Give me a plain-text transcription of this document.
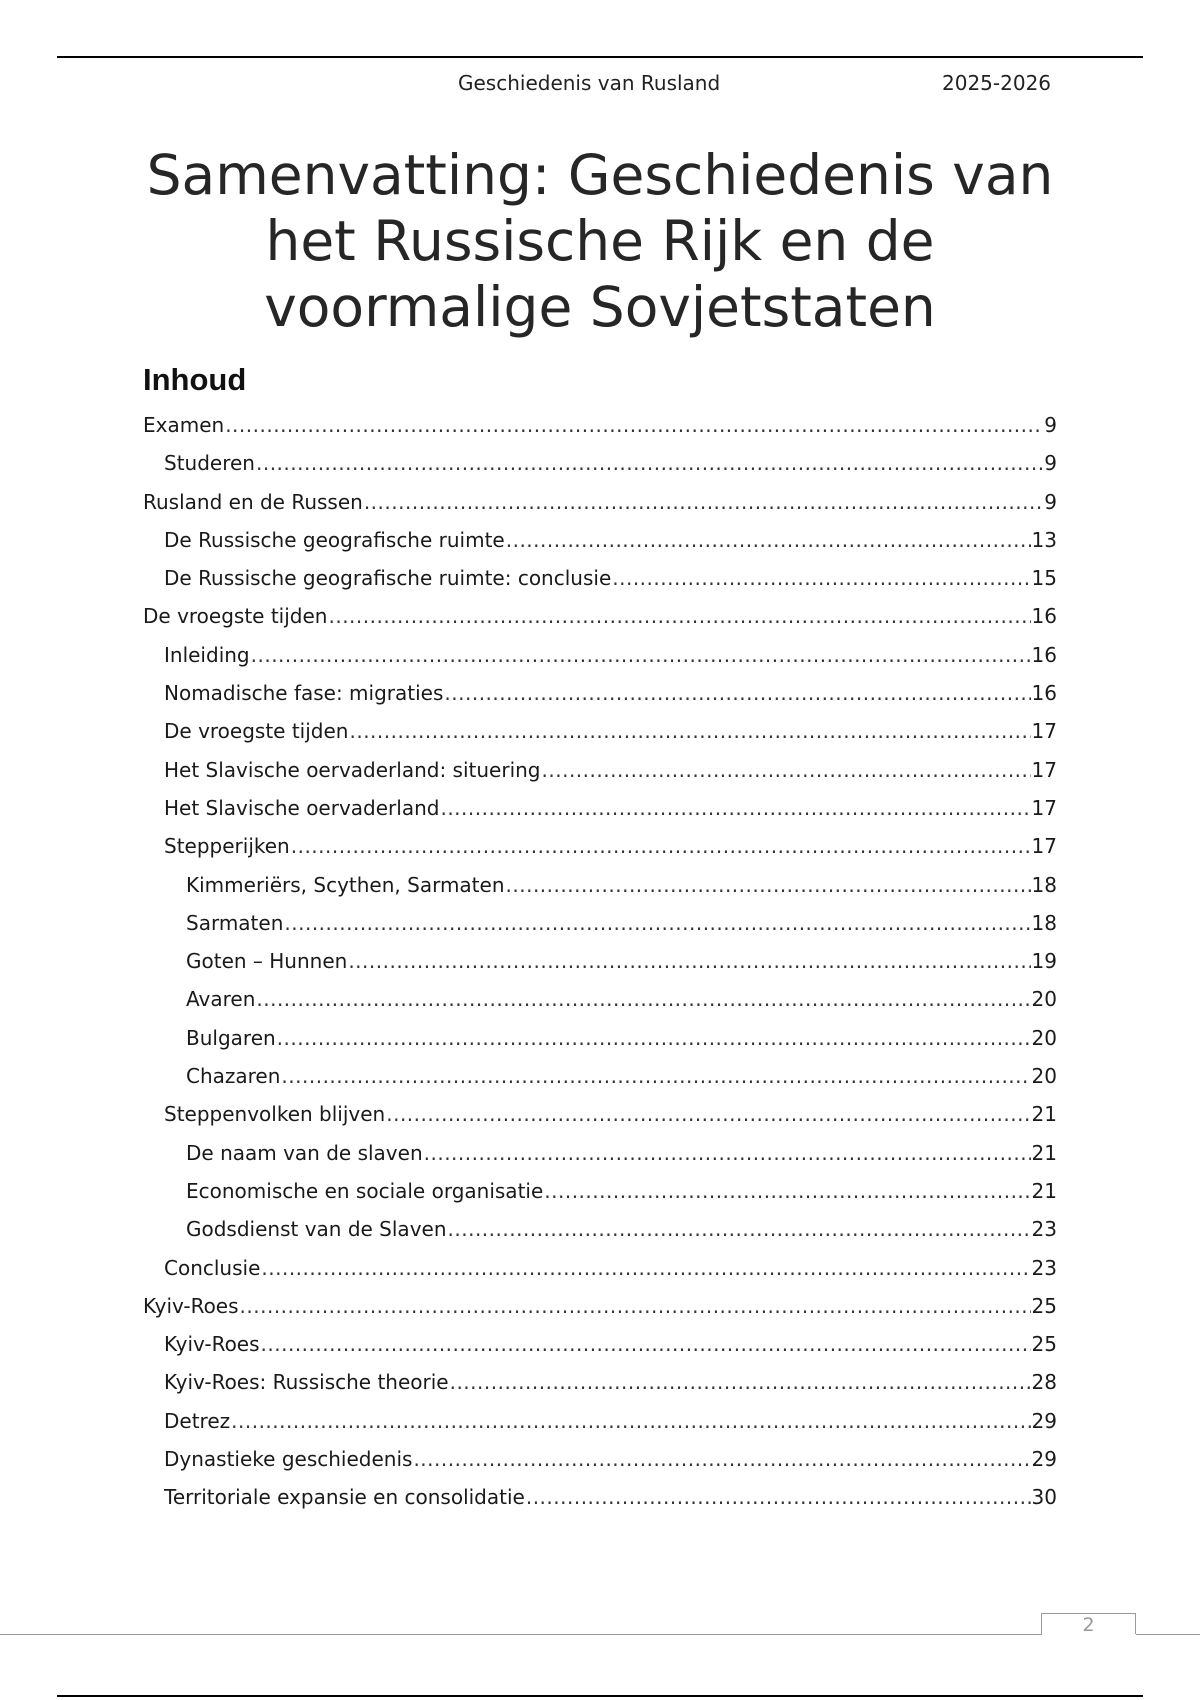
Geschiedenis van Rusland	2025-2026
Samenvatting: Geschiedenis van het Russische Rijk en de voormalige Sovjetstaten
Inhoud
Examen .....	9
Studeren .....	9
Rusland en de Russen .....	9
De Russische geografische ruimte .....	13
De Russische geografische ruimte: conclusie .....	15
De vroegste tijden .....	16
Inleiding .....	16
Nomadische fase: migraties .....	16
De vroegste tijden .....	17
Het Slavische oervaderland: situering .....	17
Het Slavische oervaderland .....	17
Stepperijken .....	17
Kimmeriërs, Scythen, Sarmaten .....	18
Sarmaten .....	18
Goten – Hunnen .....	19
Avaren .....	20
Bulgaren .....	20
Chazaren .....	20
Steppenvolken blijven .....	21
De naam van de slaven .....	21
Economische en sociale organisatie .....	21
Godsdienst van de Slaven .....	23
Conclusie .....	23
Kyiv-Roes .....	25
Kyiv-Roes .....	25
Kyiv-Roes: Russische theorie .....	28
Detrez .....	29
Dynastieke geschiedenis .....	29
Territoriale expansie en consolidatie .....	30
2
